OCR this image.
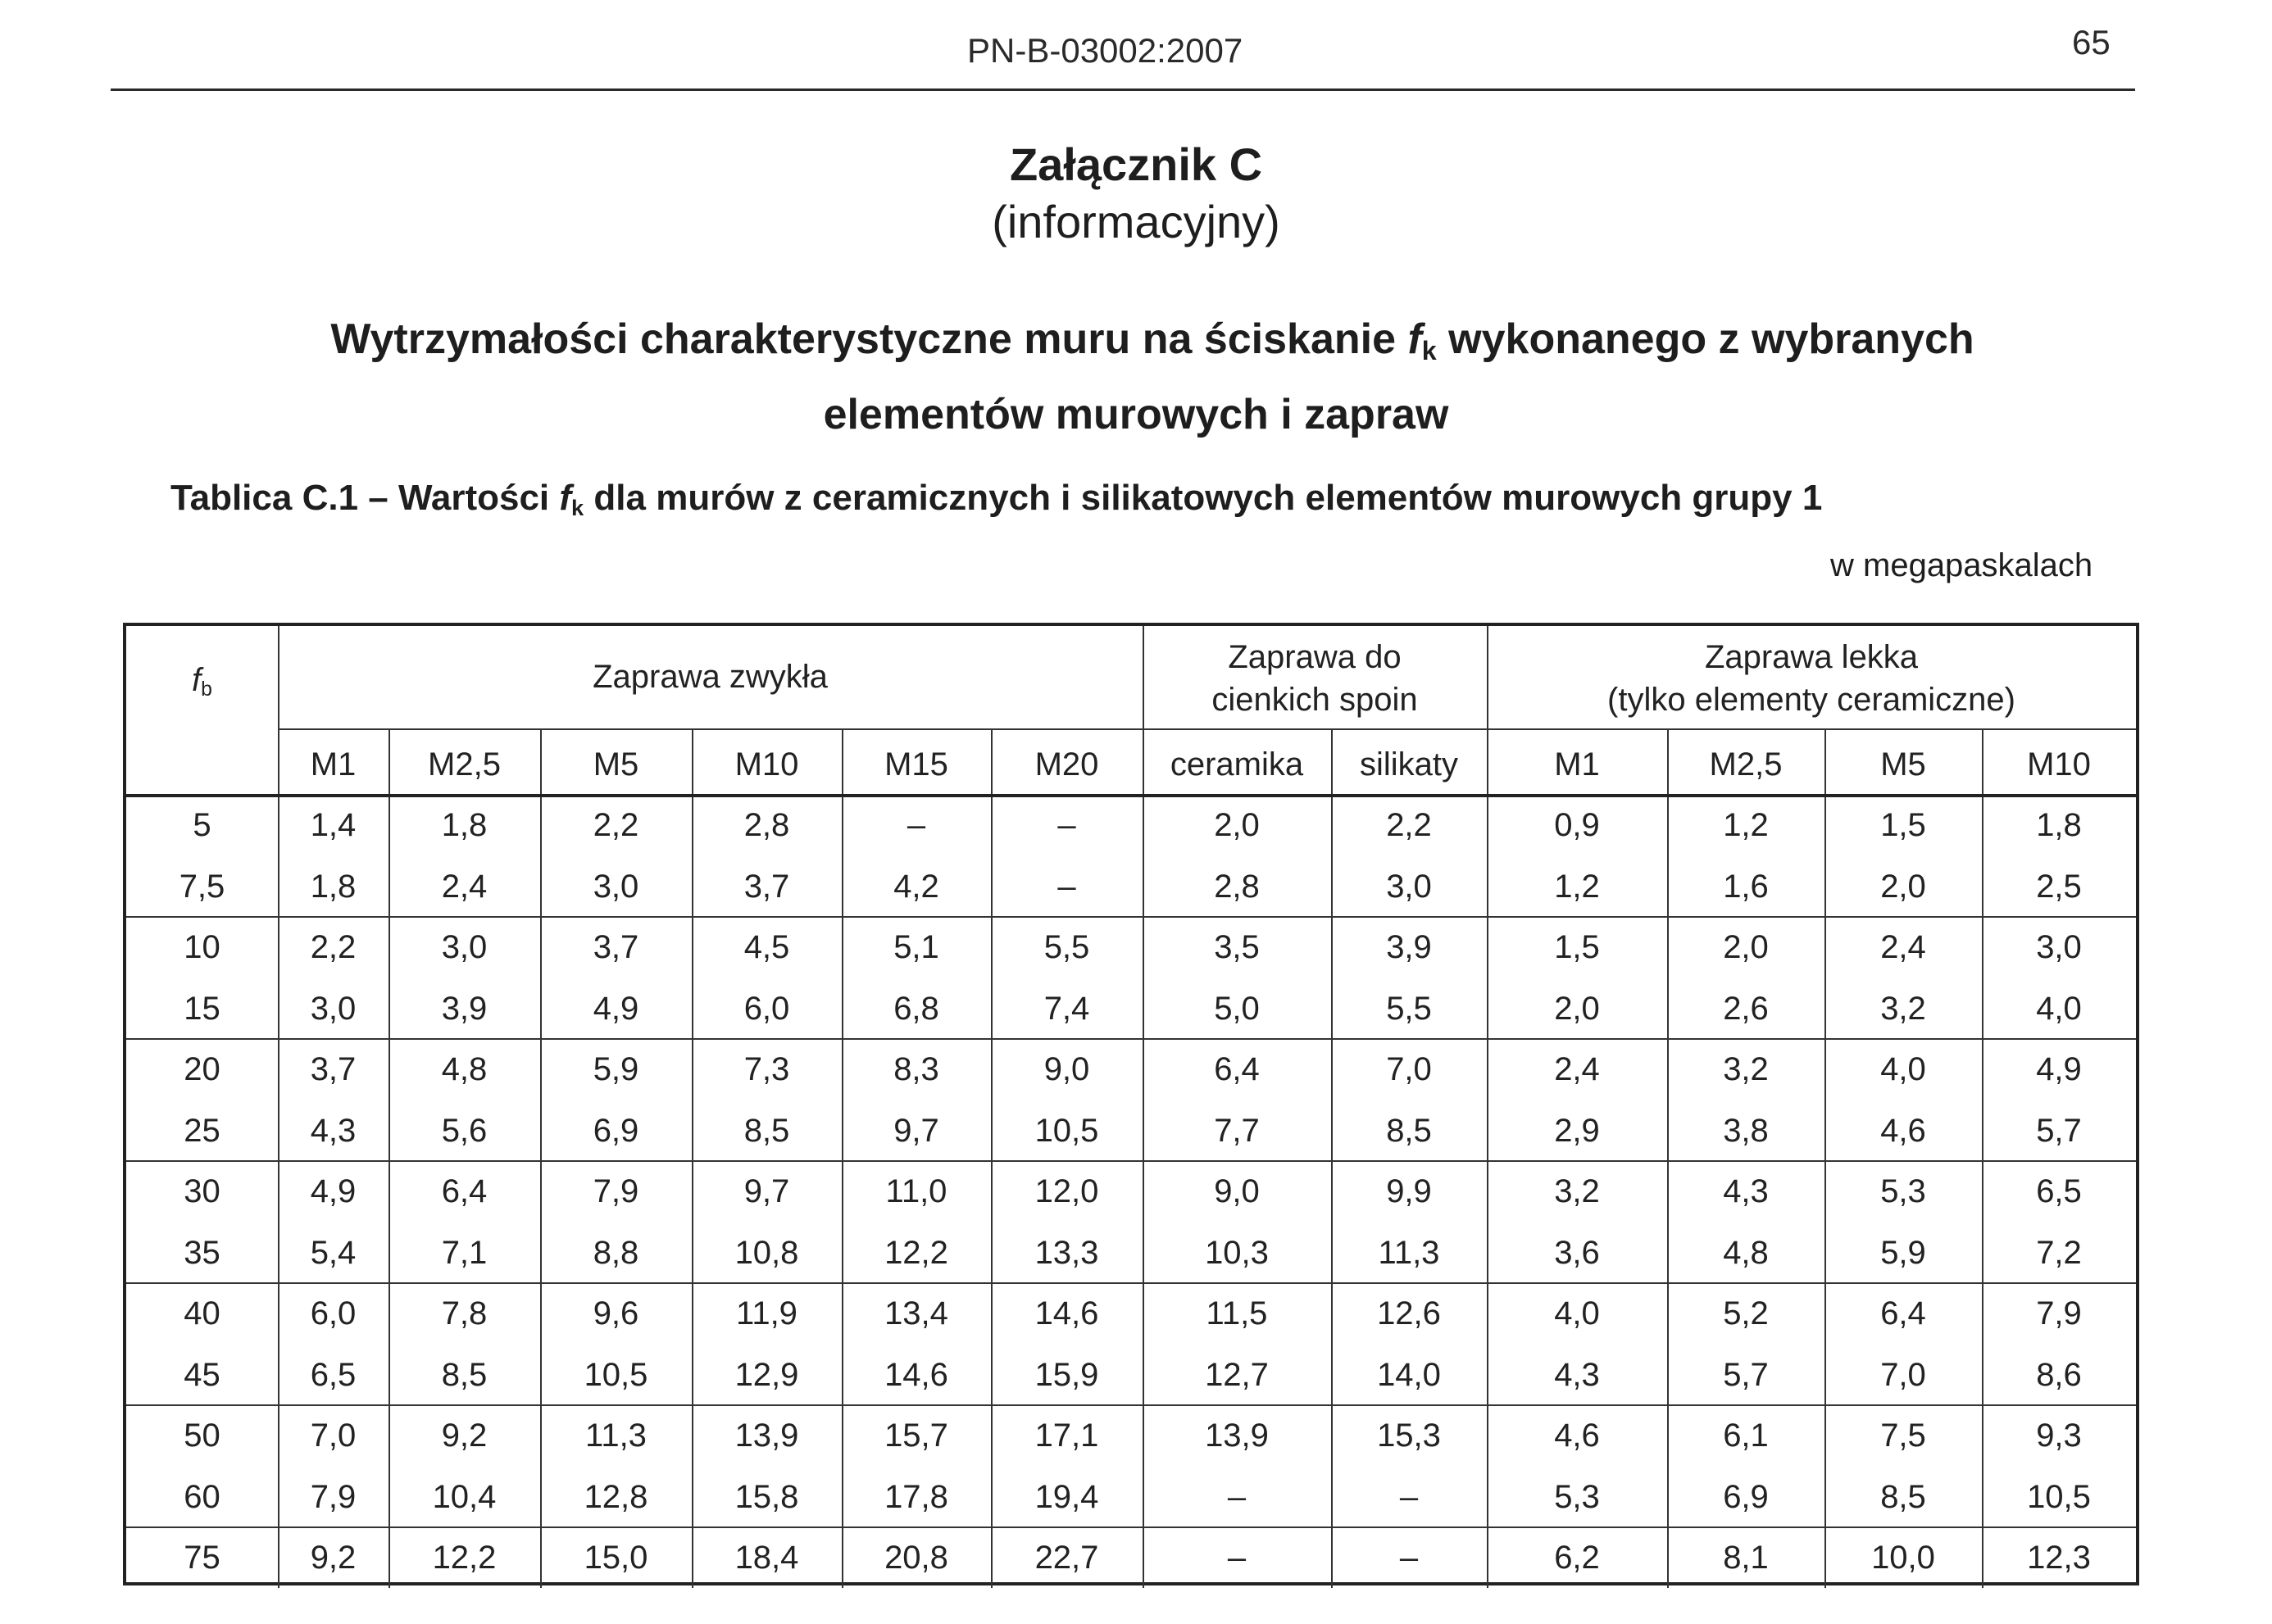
PN-B-03002:2007	65
Załącznik C
(informacyjny)
Wytrzymałości charakterystyczne muru na ściskanie fk wykonanego z wybranych
elementów murowych i zapraw
Tablica C.1 – Wartości fk dla murów z ceramicznych i silikatowych elementów murowych grupy 1
w megapaskalach
fb	Zaprawa zwykła
Zaprawa do
cienkich spoin
Zaprawa lekka
(tylko elementy ceramiczne)
M1	M2,5	M5	M10	M15	M20	ceramika	silikaty	M1	M2,5	M5	M10
5	1,4	1,8	2,2	2,8	–	–	2,0	2,2	0,9	1,2	1,5	1,8
7,5	1,8	2,4	3,0	3,7	4,2	–	2,8	3,0	1,2	1,6	2,0	2,5
10	2,2	3,0	3,7	4,5	5,1	5,5	3,5	3,9	1,5	2,0	2,4	3,0
15	3,0	3,9	4,9	6,0	6,8	7,4	5,0	5,5	2,0	2,6	3,2	4,0
20	3,7	4,8	5,9	7,3	8,3	9,0	6,4	7,0	2,4	3,2	4,0	4,9
25	4,3	5,6	6,9	8,5	9,7	10,5	7,7	8,5	2,9	3,8	4,6	5,7
30	4,9	6,4	7,9	9,7	11,0	12,0	9,0	9,9	3,2	4,3	5,3	6,5
35	5,4	7,1	8,8	10,8	12,2	13,3	10,3	11,3	3,6	4,8	5,9	7,2
40	6,0	7,8	9,6	11,9	13,4	14,6	11,5	12,6	4,0	5,2	6,4	7,9
45	6,5	8,5	10,5	12,9	14,6	15,9	12,7	14,0	4,3	5,7	7,0	8,6
50	7,0	9,2	11,3	13,9	15,7	17,1	13,9	15,3	4,6	6,1	7,5	9,3
60	7,9	10,4	12,8	15,8	17,8	19,4	–	–	5,3	6,9	8,5	10,5
75	9,2	12,2	15,0	18,4	20,8	22,7	–	–	6,2	8,1	10,0	12,3
